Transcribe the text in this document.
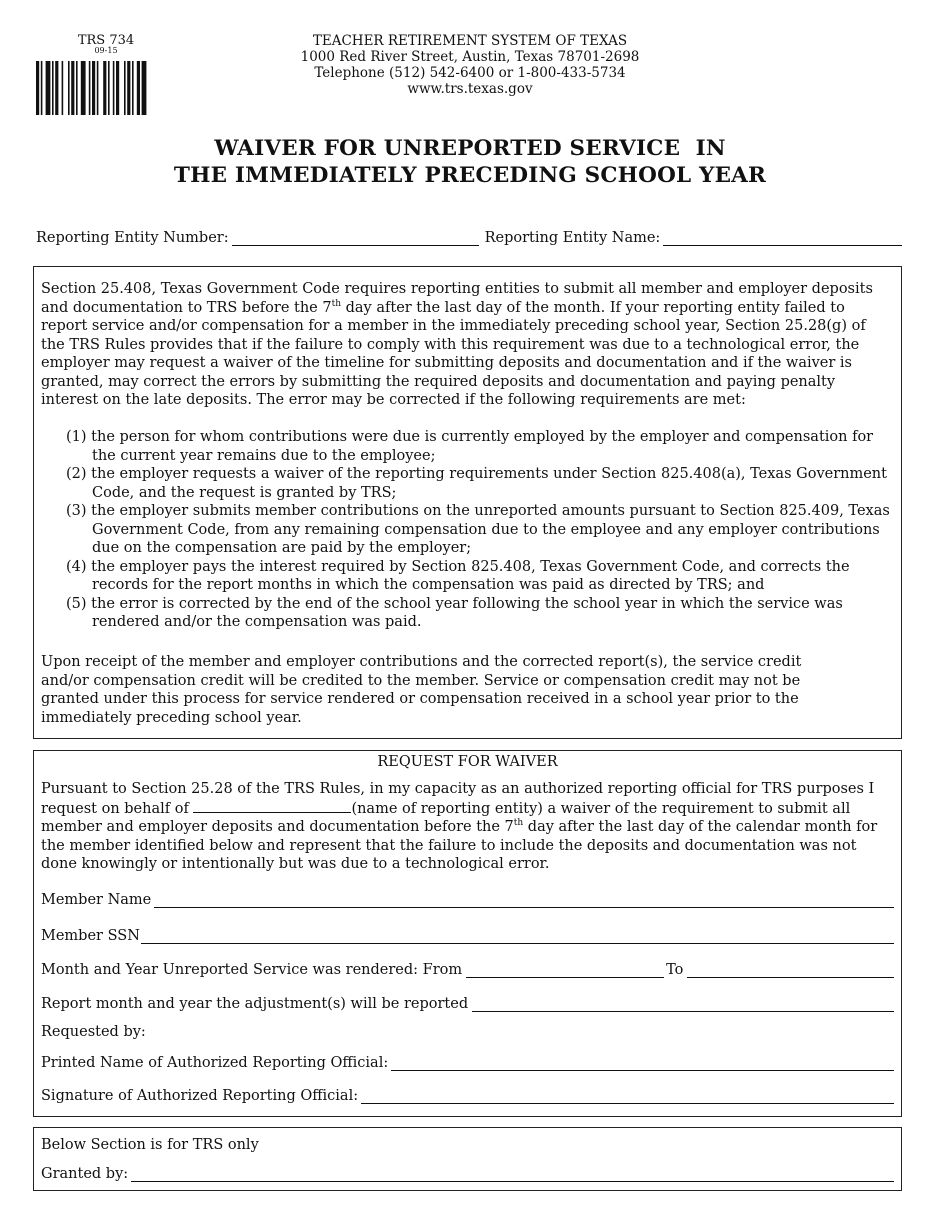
TRS 734
09-15
TEACHER RETIREMENT SYSTEM OF TEXAS
1000 Red River Street, Austin, Texas 78701-2698
Telephone (512) 542-6400 or 1-800-433-5734
www.trs.texas.gov
WAIVER FOR UNREPORTED SERVICE  IN
THE IMMEDIATELY PRECEDING SCHOOL YEAR
Reporting Entity Number:	Reporting Entity Name:

Section 25.408, Texas Government Code requires reporting entities to submit all member and employer deposits and documentation to TRS before the 7th day after the last day of the month. If your reporting entity failed to report service and/or compensation for a member in the immediately preceding school year, Section 25.28(g) of the TRS Rules provides that if the failure to comply with this requirement was due to a technological error, the employer may request a waiver of the timeline for submitting deposits and documentation and if the waiver is granted, may correct the errors by submitting the required deposits and documentation and paying penalty interest on the late deposits. The error may be corrected if the following requirements are met:

(1) the person for whom contributions were due is currently employed by the employer and compensation for the current year remains due to the employee;
(2) the employer requests a waiver of the reporting requirements under Section 825.408(a), Texas Government Code, and the request is granted by TRS;
(3) the employer submits member contributions on the unreported amounts pursuant to Section 825.409, Texas Government Code, from any remaining compensation due to the employee and any employer contributions due on the compensation are paid by the employer;
(4) the employer pays the interest required by Section 825.408, Texas Government Code, and corrects the records for the report months in which the compensation was paid as directed by TRS; and
(5) the error is corrected by the end of the school year following the school year in which the service was rendered and/or the compensation was paid.

Upon receipt of the member and employer contributions and the corrected report(s), the service credit and/or compensation credit will be credited to the member. Service or compensation credit may not be granted under this process for service rendered or compensation received in a school year prior to the immediately preceding school year.

REQUEST FOR WAIVER

Pursuant to Section 25.28 of the TRS Rules, in my capacity as an authorized reporting official for TRS purposes I request on behalf of	(name of reporting entity) a waiver of the requirement to submit all member and employer deposits and documentation before the 7th day after the last day of the calendar month for the member identified below and represent that the failure to include the deposits and documentation was not done knowingly or intentionally but was due to a technological error.

Member Name
Member SSN
Month and Year Unreported Service was rendered: From	To
Report month and year the adjustment(s) will be reported
Requested by:
Printed Name of Authorized Reporting Official:
Signature of Authorized Reporting Official:
Below Section is for TRS only
Granted by:
